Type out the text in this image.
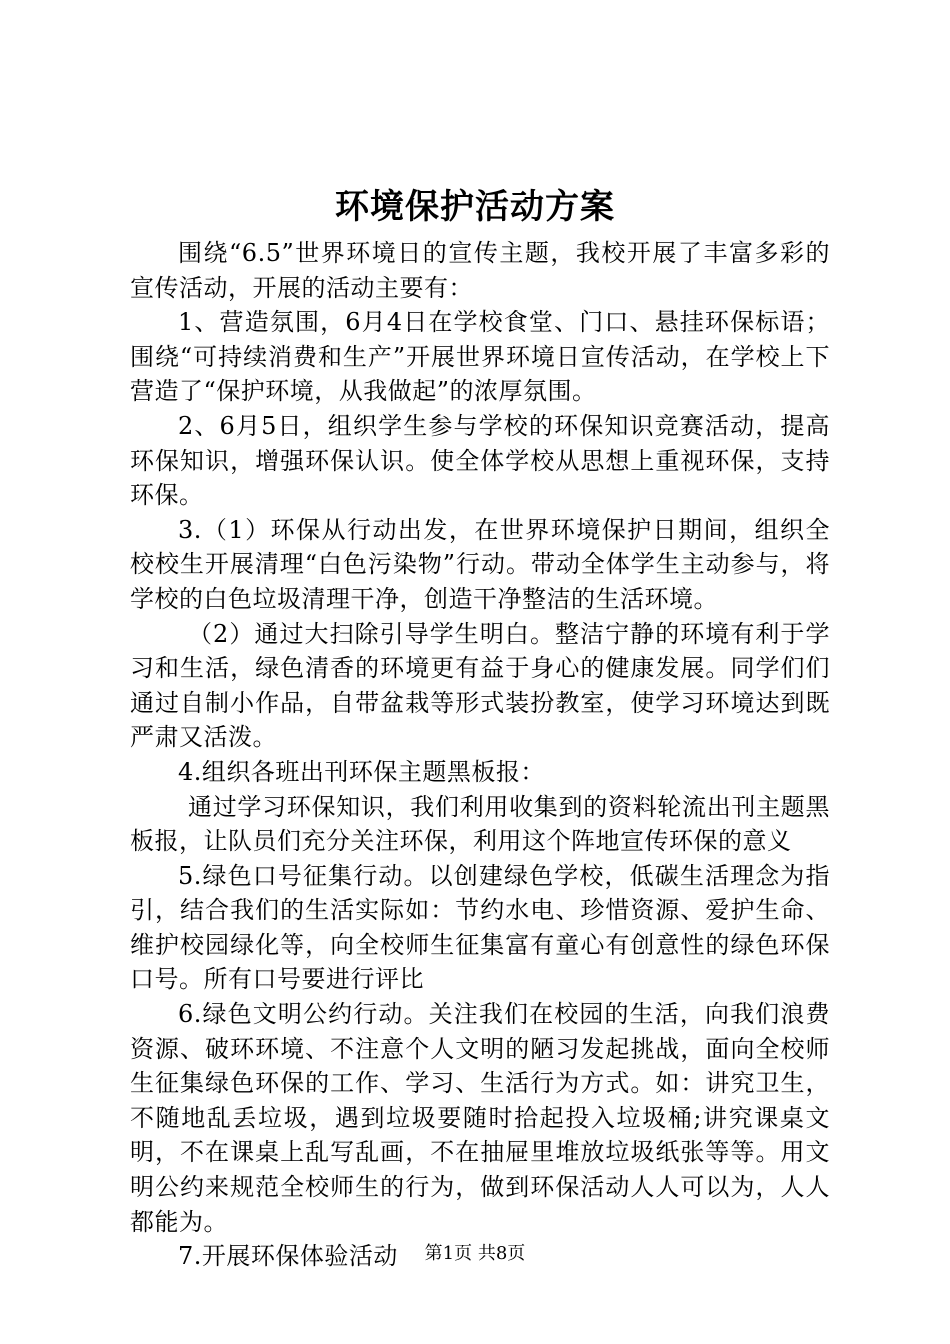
环境保护活动方案

围绕“6.5”世界环境日的宣传主题，我校开展了丰富多彩的宣传活动，开展的活动主要有：

1、营造氛围，6月4日在学校食堂、门口、悬挂环保标语；围绕“可持续消费和生产”开展世界环境日宣传活动，在学校上下营造了“保护环境，从我做起”的浓厚氛围。

2、6月5日，组织学生参与学校的环保知识竞赛活动，提高环保知识，增强环保认识。使全体学校从思想上重视环保，支持环保。

3.（1）环保从行动出发，在世界环境保护日期间，组织全校校生开展清理“白色污染物”行动。带动全体学生主动参与，将学校的白色垃圾清理干净，创造干净整洁的生活环境。

（2）通过大扫除引导学生明白。整洁宁静的环境有利于学习和生活，绿色清香的环境更有益于身心的健康发展。同学们们通过自制小作品，自带盆栽等形式装扮教室，使学习环境达到既严肃又活泼。

4.组织各班出刊环保主题黑板报：

通过学习环保知识，我们利用收集到的资料轮流出刊主题黑板报，让队员们充分关注环保，利用这个阵地宣传环保的意义

5.绿色口号征集行动。以创建绿色学校，低碳生活理念为指引，结合我们的生活实际如：节约水电、珍惜资源、爱护生命、维护校园绿化等，向全校师生征集富有童心有创意性的绿色环保口号。所有口号要进行评比

6.绿色文明公约行动。关注我们在校园的生活，向我们浪费资源、破环环境、不注意个人文明的陋习发起挑战，面向全校师生征集绿色环保的工作、学习、生活行为方式。如：讲究卫生，不随地乱丢垃圾，遇到垃圾要随时拾起投入垃圾桶;讲究课桌文明，不在课桌上乱写乱画，不在抽屉里堆放垃圾纸张等等。用文明公约来规范全校师生的行为，做到环保活动人人可以为，人人都能为。

7.开展环保体验活动	第1页 共8页
